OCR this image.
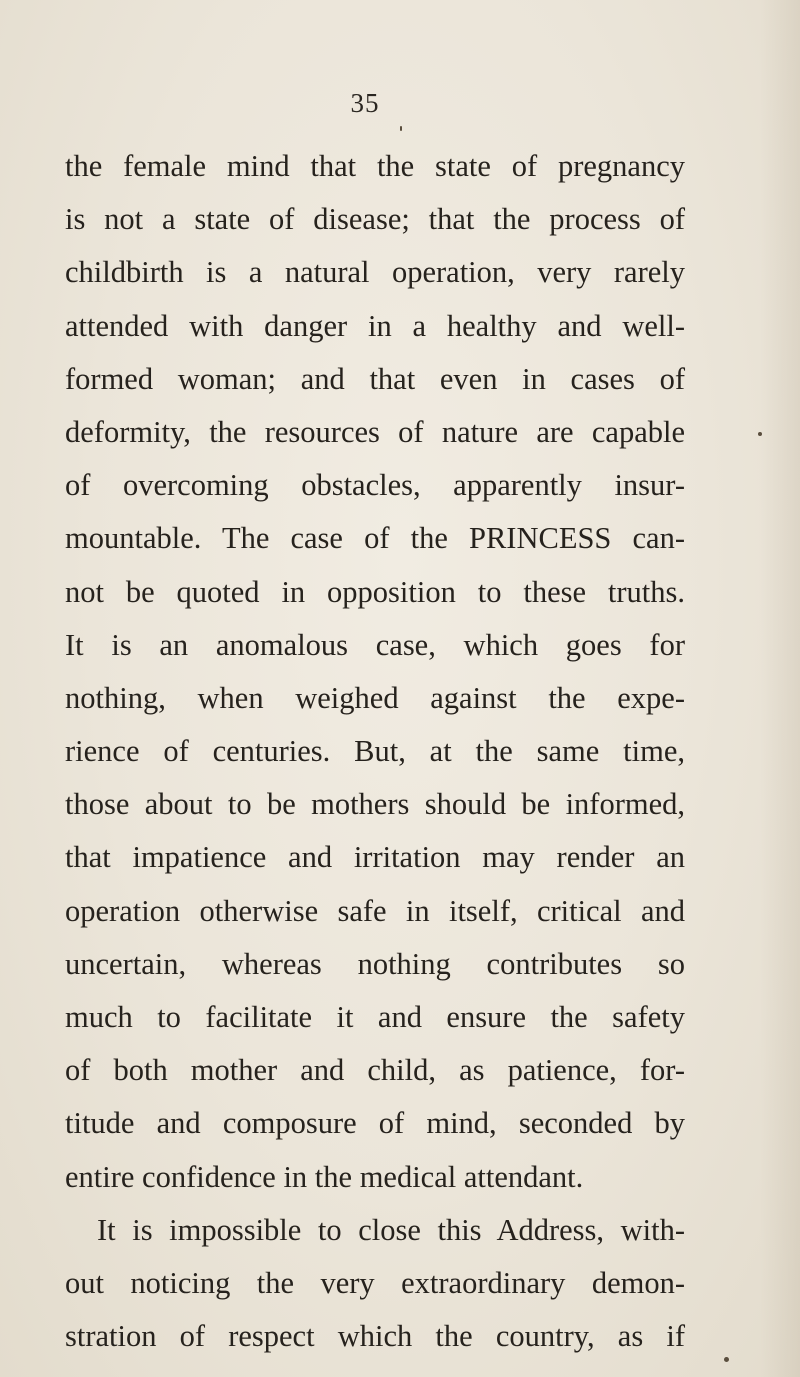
35
the female mind that the state of pregnancy
is not a state of disease; that the process of
childbirth is a natural operation, very rarely
attended with danger in a healthy and well-
formed woman; and that even in cases of
deformity, the resources of nature are capable
of overcoming obstacles, apparently insur-
mountable. The case of the PRINCESS can-
not be quoted in opposition to these truths.
It is an anomalous case, which goes for
nothing, when weighed against the expe-
rience of centuries. But, at the same time,
those about to be mothers should be informed,
that impatience and irritation may render an
operation otherwise safe in itself, critical and
uncertain, whereas nothing contributes so
much to facilitate it and ensure the safety
of both mother and child, as patience, for-
titude and composure of mind, seconded by
entire confidence in the medical attendant.
It is impossible to close this Address, with-
out noticing the very extraordinary demon-
stration of respect which the country, as if
